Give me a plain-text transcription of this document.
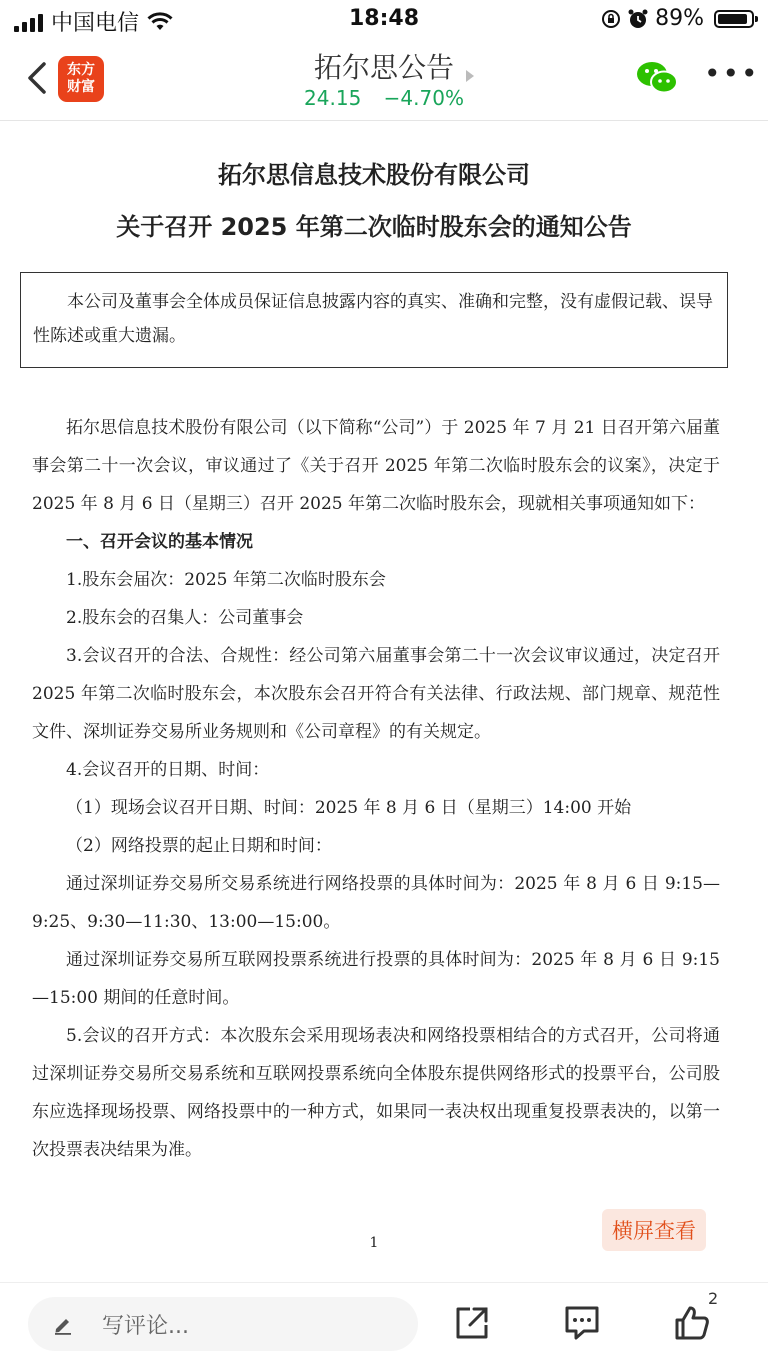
中国电信	18:48	89%
东方
财富
拓尔思公告
24.15 −4.70%
•••
拓尔思信息技术股份有限公司
关于召开 2025 年第二次临时股东会的通知公告
本公司及董事会全体成员保证信息披露内容的真实、准确和完整，没有虚假记载、误导性陈述或重大遗漏。

拓尔思信息技术股份有限公司（以下简称“公司”）于 2025 年 7 月 21 日召开第六届董事会第二十一次会议，审议通过了《关于召开 2025 年第二次临时股东会的议案》，决定于 2025 年 8 月 6 日（星期三）召开 2025 年第二次临时股东会，现就相关事项通知如下：

一、召开会议的基本情况

1.股东会届次：2025 年第二次临时股东会

2.股东会的召集人：公司董事会

3.会议召开的合法、合规性：经公司第六届董事会第二十一次会议审议通过，决定召开 2025 年第二次临时股东会，本次股东会召开符合有关法律、行政法规、部门规章、规范性文件、深圳证券交易所业务规则和《公司章程》的有关规定。

4.会议召开的日期、时间：

（1）现场会议召开日期、时间：2025 年 8 月 6 日（星期三）14:00 开始

（2）网络投票的起止日期和时间：

通过深圳证券交易所交易系统进行网络投票的具体时间为：2025 年 8 月 6 日 9:15—9:25、9:30—11:30、13:00—15:00。

通过深圳证券交易所互联网投票系统进行投票的具体时间为：2025 年 8 月 6 日 9:15—15:00 期间的任意时间。

5.会议的召开方式：本次股东会采用现场表决和网络投票相结合的方式召开，公司将通过深圳证券交易所交易系统和互联网投票系统向全体股东提供网络形式的投票平台，公司股东应选择现场投票、网络投票中的一种方式，如果同一表决权出现重复投票表决的，以第一次投票表决结果为准。

1	横屏查看
写评论...
2
